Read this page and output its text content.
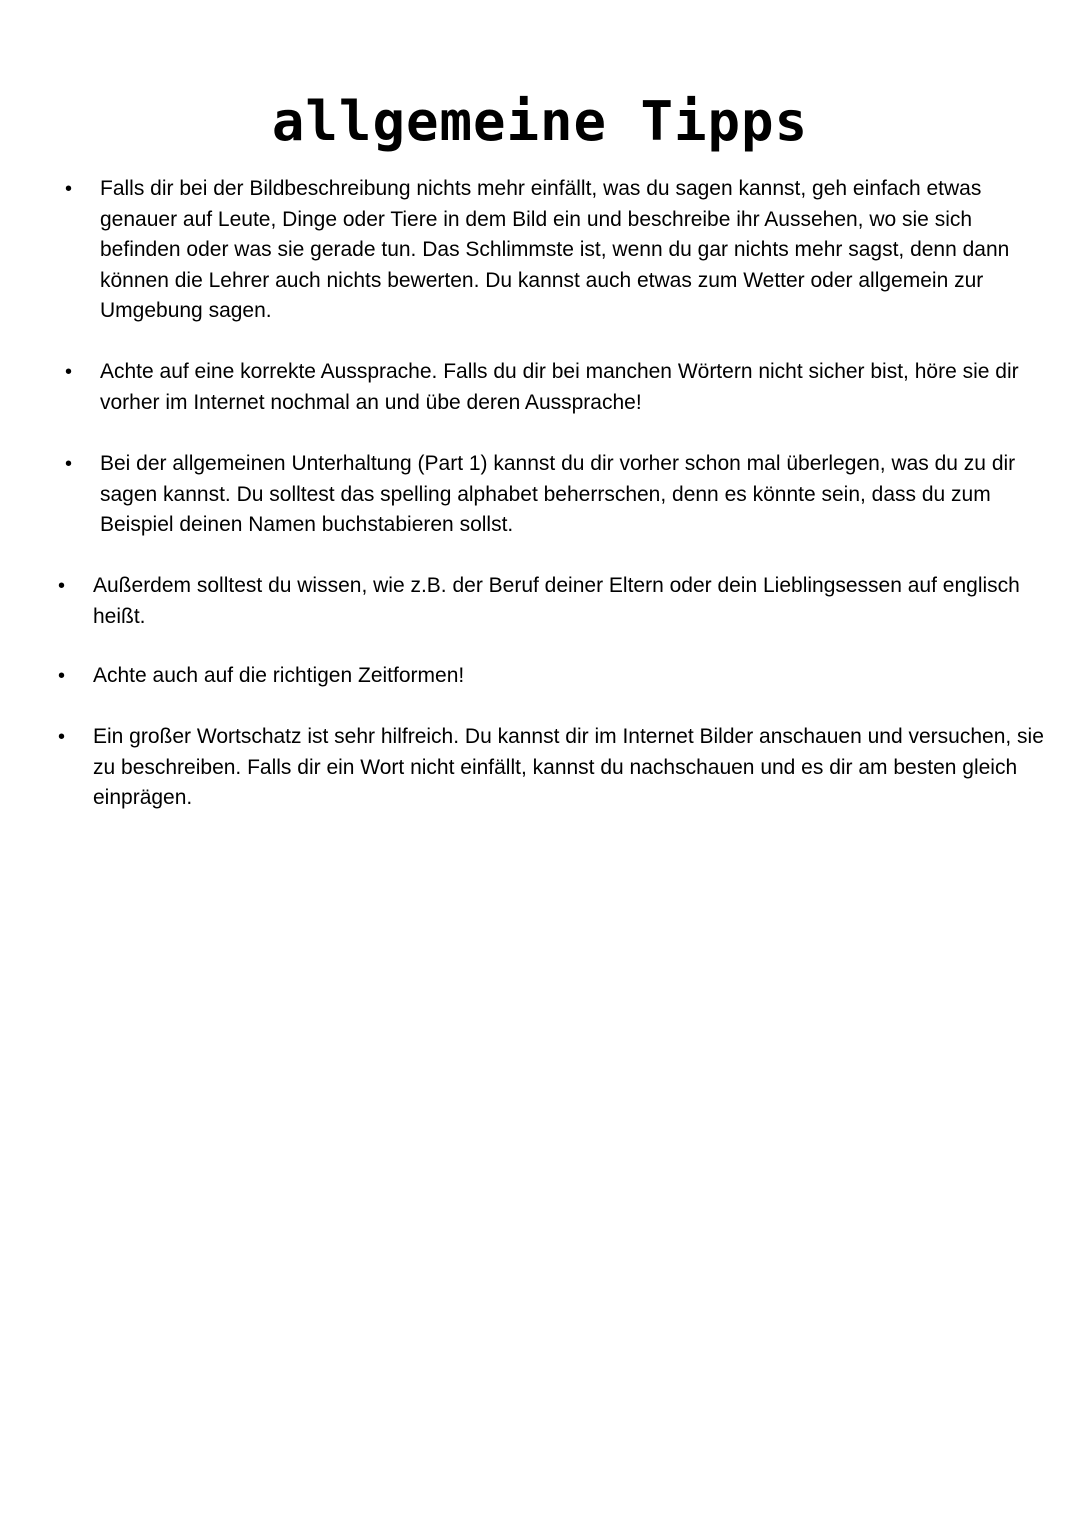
allgemeine Tipps
• Falls dir bei der Bildbeschreibung nichts mehr einfällt, was du sagen kannst, geh einfach etwas genauer auf Leute, Dinge oder Tiere in dem Bild ein und beschreibe ihr Aussehen, wo sie sich befinden oder was sie gerade tun. Das Schlimmste ist, wenn du gar nichts mehr sagst, denn dann können die Lehrer auch nichts bewerten. Du kannst auch etwas zum Wetter oder allgemein zur Umgebung sagen.

• Achte auf eine korrekte Aussprache. Falls du dir bei manchen Wörtern nicht sicher bist, höre sie dir vorher im Internet nochmal an und übe deren Aussprache!

• Bei der allgemeinen Unterhaltung (Part 1) kannst du dir vorher schon mal überlegen, was du zu dir sagen kannst. Du solltest das spelling alphabet beherrschen, denn es könnte sein, dass du zum Beispiel deinen Namen buchstabieren sollst.

• Außerdem solltest du wissen, wie z.B. der Beruf deiner Eltern oder dein Lieblingsessen auf englisch heißt.

• Achte auch auf die richtigen Zeitformen!

• Ein großer Wortschatz ist sehr hilfreich. Du kannst dir im Internet Bilder anschauen und versuchen, sie zu beschreiben. Falls dir ein Wort nicht einfällt, kannst du nachschauen und es dir am besten gleich einprägen.
